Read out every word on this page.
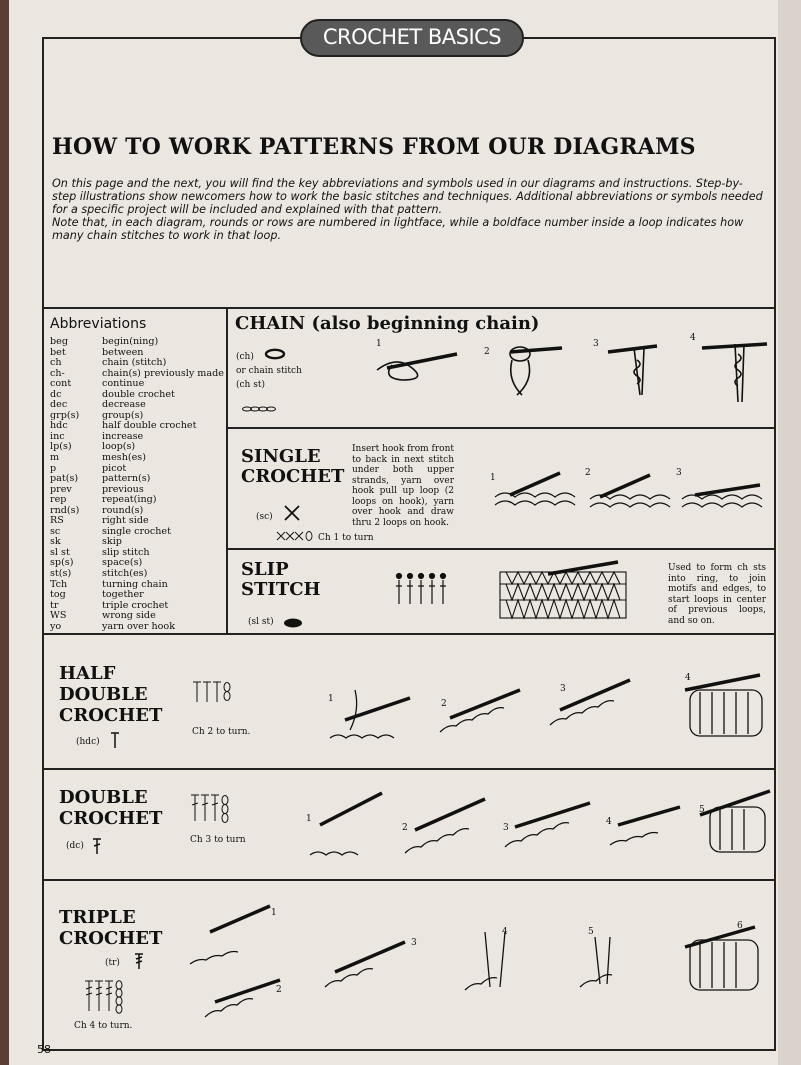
CROCHET BASICS
HOW TO WORK PATTERNS FROM OUR DIAGRAMS

On this page and the next, you will find the key abbreviations and symbols used in our diagrams and instructions. Step-by-step illustrations show newcomers how to work the basic stitches and techniques. Additional abbreviations or symbols needed for a specific project will be included and explained with that pattern.

Note that, in each diagram, rounds or rows are numbered in lightface, while a boldface number inside a loop indicates how many chain stitches to work in that loop.

Abbreviations
beg	begin(ning)
bet	between
ch	chain (stitch)
ch-	chain(s) previously made
cont	continue
dc	double crochet
dec	decrease
grp(s)	group(s)
hdc	half double crochet
inc	increase
lp(s)	loop(s)
m	mesh(es)
p	picot
pat(s)	pattern(s)
prev	previous
rep	repeat(ing)
rnd(s)	round(s)
RS	right side
sc	single crochet
sk	skip
sl st	slip stitch
sp(s)	space(s)
st(s)	stitch(es)
Tch	turning chain
tog	together
tr	triple crochet
WS	wrong side
yo	yarn over hook
CHAIN (also beginning chain)
(ch)
or chain stitch
(ch st)
1
2
3
4
SINGLE
CROCHET
(sc)
Ch 1 to turn
Insert hook from front to back in next stitch under both upper strands, yarn over hook pull up loop (2 loops on hook), yarn over hook and draw thru 2 loops on hook.
1	2	3
SLIP
STITCH
(sl st)
Used to form ch sts into ring, to join motifs and edges, to start loops in center of previous loops, and so on.
HALF
DOUBLE
CROCHET
(hdc)
Ch 2 to turn.
1	2
3
4
DOUBLE
CROCHET
(dc)
Ch 3 to turn
1
2	3
4
5
TRIPLE
CROCHET
(tr)
Ch 4 to turn.
1
2
3
4	5
6
58
